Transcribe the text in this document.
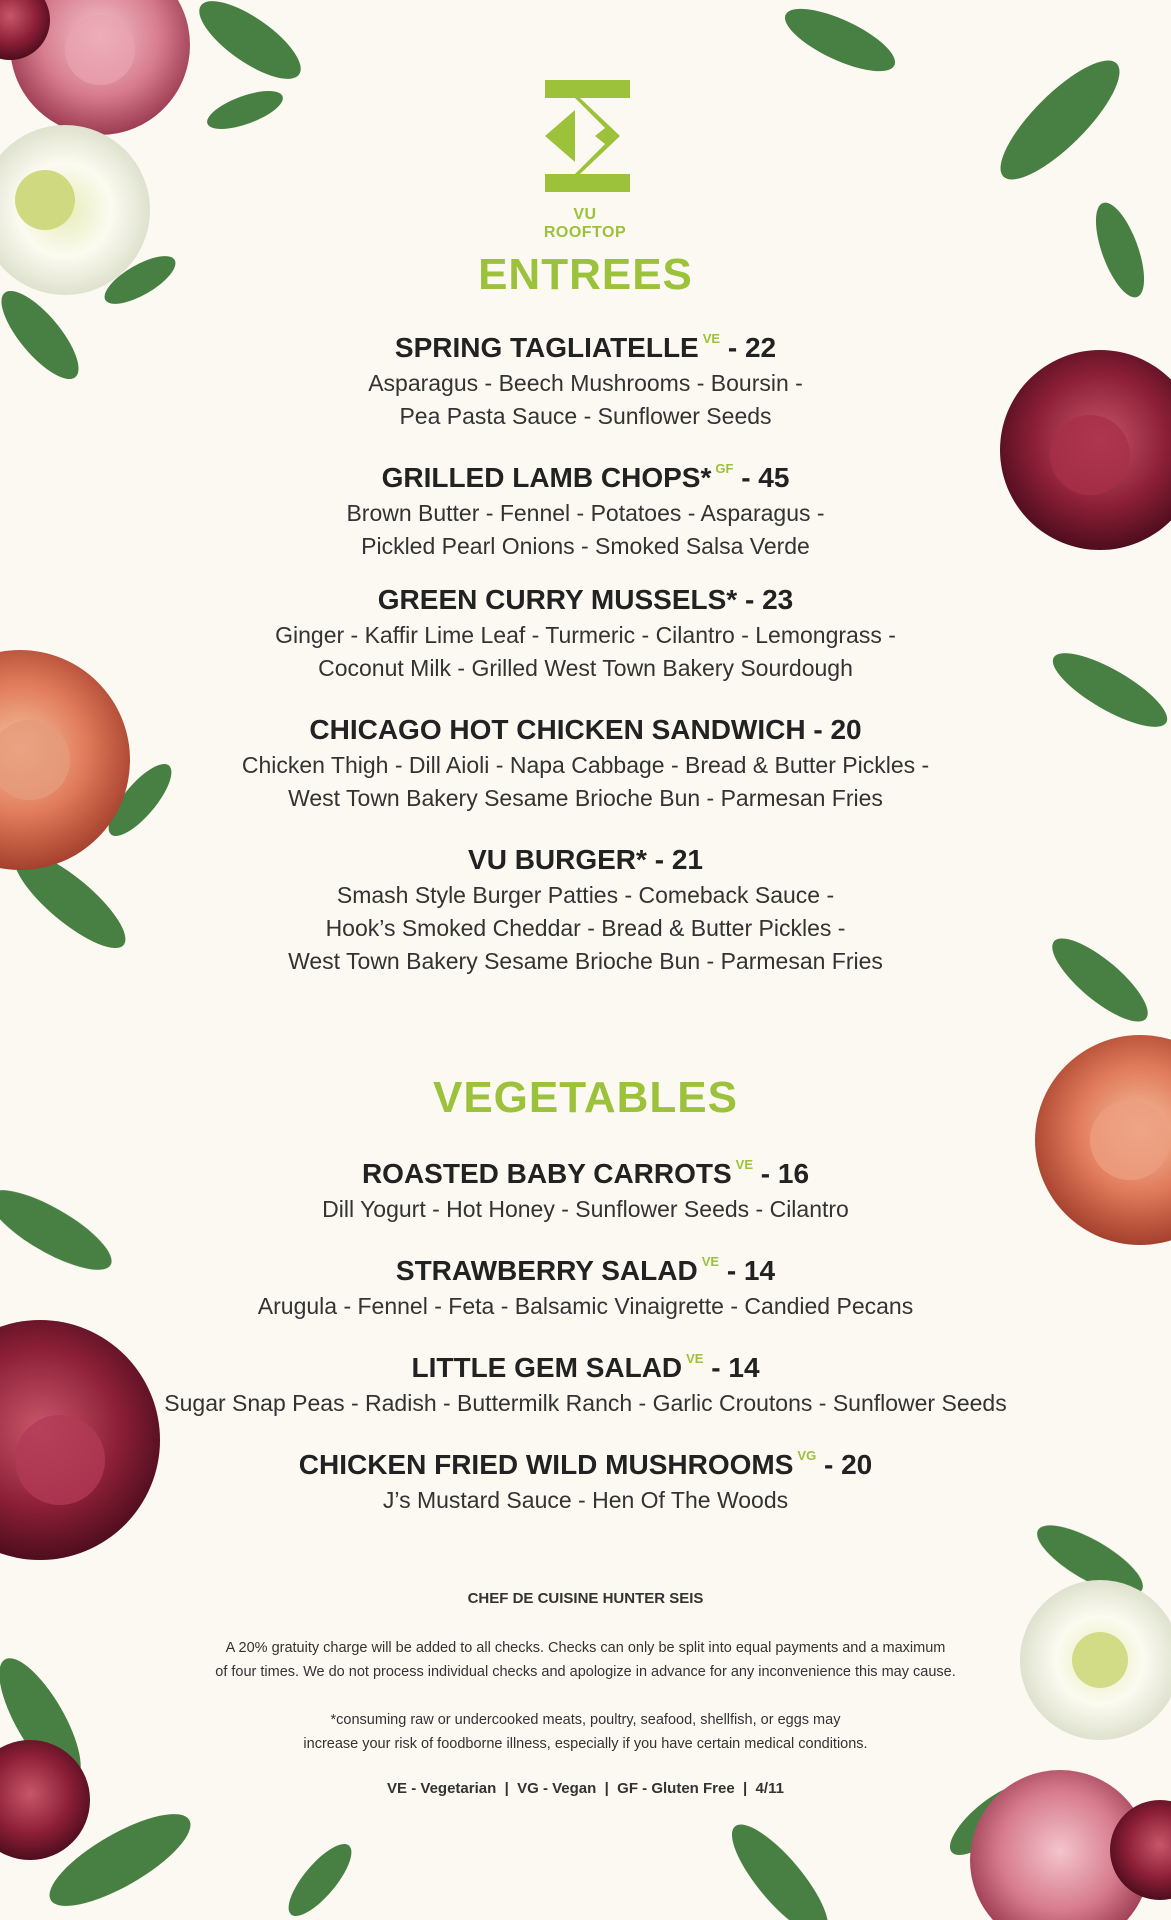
VU ROOFTOP
ENTREES
SPRING TAGLIATELLE $^{VE}$ - 22
Asparagus - Beech Mushrooms - Boursin -
Pea Pasta Sauce - Sunflower Seeds
GRILLED LAMB CHOPS* $^{GF}$ - 45
Brown Butter - Fennel - Potatoes - Asparagus -
Pickled Pearl Onions - Smoked Salsa Verde
GREEN CURRY MUSSELS* - 23
Ginger - Kaffir Lime Leaf - Turmeric - Cilantro - Lemongrass -
Coconut Milk - Grilled West Town Bakery Sourdough
CHICAGO HOT CHICKEN SANDWICH - 20
Chicken Thigh - Dill Aioli - Napa Cabbage - Bread & Butter Pickles -
West Town Bakery Sesame Brioche Bun - Parmesan Fries
VU BURGER* - 21
Smash Style Burger Patties - Comeback Sauce -
Hook’s Smoked Cheddar - Bread & Butter Pickles -
West Town Bakery Sesame Brioche Bun - Parmesan Fries
VEGETABLES
ROASTED BABY CARROTS $^{VE}$ - 16
Dill Yogurt - Hot Honey - Sunflower Seeds - Cilantro
STRAWBERRY SALAD $^{VE}$ - 14
Arugula - Fennel - Feta - Balsamic Vinaigrette - Candied Pecans
LITTLE GEM SALAD $^{VE}$ - 14
Sugar Snap Peas - Radish - Buttermilk Ranch - Garlic Croutons - Sunflower Seeds
CHICKEN FRIED WILD MUSHROOMS $^{VG}$ - 20
J’s Mustard Sauce - Hen Of The Woods
CHEF DE CUISINE HUNTER SEIS
A 20% gratuity charge will be added to all checks. Checks can only be split into equal payments and a maximum
of four times. We do not process individual checks and apologize in advance for any inconvenience this may cause.
*consuming raw or undercooked meats, poultry, seafood, shellfish, or eggs may
increase your risk of foodborne illness, especially if you have certain medical conditions.
VE - Vegetarian  |  VG - Vegan  |  GF - Gluten Free  |  4/11
